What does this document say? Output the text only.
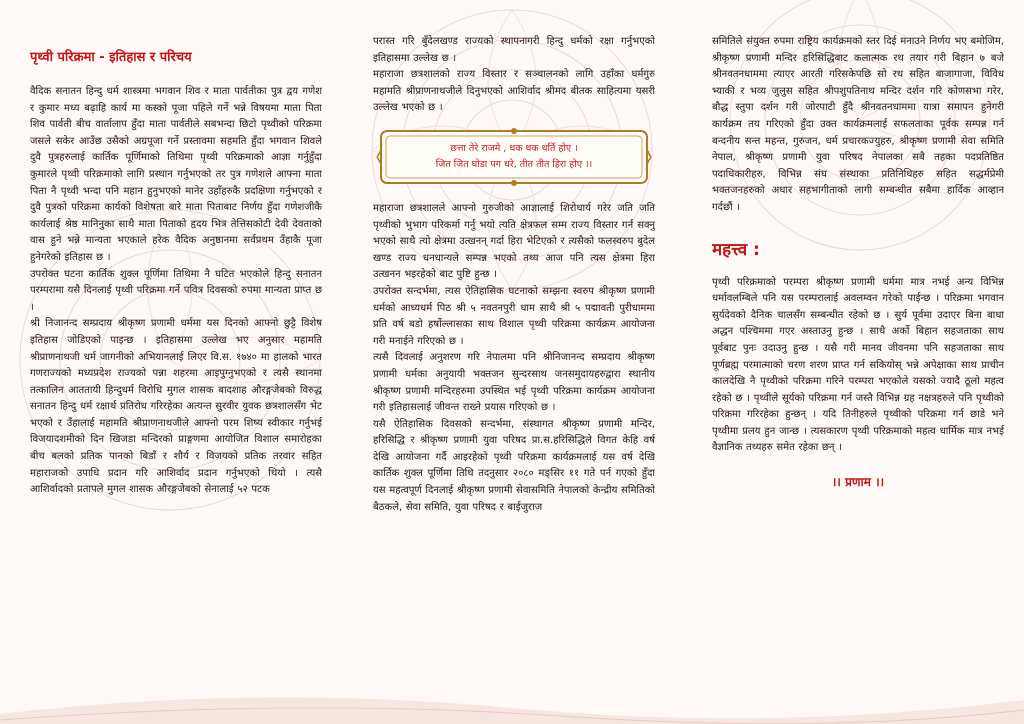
पृथ्वी परिक्रमा - इतिहास र परिचय

वैदिक सनातन हिन्दु धर्म शास्त्रमा भगवान शिव र माता पार्वतीका पुत्र द्वय गणेश र कुमार मध्य बढ़ाहि कार्य मा कस्को पूजा पहिले गर्ने भन्ने विषयमा माता पिता शिव पार्वती बीच वार्तालाप हुँदा माता पार्वतीले सबभन्दा छिटो पृथ्वीको परिक्रमा जसले सकेर आउँछ उसैको अग्रपूजा गर्ने प्रस्तावमा सहमति हुँदा भगवान शिवले दुवै पुत्रहरुलाई कार्तिक पूर्णिमाको तिथिमा पृथ्वी परिक्रमाको आज्ञा गर्नुहुँदा कुमारले पृथ्वी परिक्रमाको लागि प्रस्थान गर्नुभएको तर पुत्र गणेशले आफ्ना माता पिता नै पृथ्वी भन्दा पनि महान हुनुभएको मानेर उहाँहरुकै प्रदक्षिणा गर्नुभएको र दुवै पुत्रको परिक्रमा कार्यको विशेषता बारे माता पिताबाट निर्णय हुँदा गणेशजीकै कार्यलाई श्रेष्ठ मानिनुका साथै माता पिताको हृदय भित्र तेत्तिसकोटी देवी देवताको वास हुने भन्ने मान्यता भएकाले हरेक वैदिक अनुष्ठानमा सर्वप्रथम उँहाकै पूजा हुनेगरेको इतिहास छ ।

उपरोक्त घटना कार्तिक शुक्ल पूर्णिमा तिथिमा नै घटित भएकोले हिन्दु सनातन परम्परामा यसै दिनलाई पृथ्वी परिक्रमा गर्ने पवित्र दिवसको रुपमा मान्यता प्राप्त छ ।

श्री निजानन्द सम्प्रदाय श्रीकृष्ण प्रणामी धर्ममा यस दिनको आफ्नो छुट्टै विशेष इतिहास जोडिएको पाइन्छ । इतिहासमा उल्लेख भए अनुसार महामति श्रीप्राणनाथजी धर्म जागनीको अभियानलाई लिएर वि.स. १७४० मा हालको भारत गणराज्यको मध्यप्रदेश राज्यको पन्ना शहरमा आइपुग्नुभएको र त्यसै स्थानमा तत्कालिन आततायी हिन्दुधर्म विरोधि मुगल शासक बादशाह औरङ्गजेबको विरुद्ध सनातन हिन्दु धर्म रक्षार्थ प्रतिरोध गरिरहेका अत्यन्त सुरवीर युवक छत्रशालसँग भेट भएको र उँहालाई महामति श्रीप्राणनाथजीले आफ्नो परम शिष्य स्वीकार गर्नुभई विजयादशमीको दिन खिजडा मन्दिरको प्राङ्गणमा आयोजित विशाल समारोहका बीच बलको प्रतिक पानको बिडाँ र शौर्य र विजयको प्रतिक तरवार सहित महाराजको उपाधि प्रदान गरि आशिर्वाद प्रदान गर्नुभएको थियो । त्यसै आशिर्वादको प्रतापले मुगल शासक औरङ्गजेबको सेनालाई ५२ पटक

परास्त गरि बुँदेलखण्ड राज्यको स्थापनागरी हिन्दु धर्मको रक्षा गर्नुभएको इतिहासमा उल्लेख छ ।

महाराजा छत्रशालको राज्य विस्तार र सञ्चालनको लागि उहाँका धर्मगुरु महामति श्रीप्राणनाथजीले दिनुभएको आशिर्वाद श्रीमद बीतक साहित्यमा यसरी उल्लेख भएको छ ।

छत्ता तेरे राजमे , धक धक धर्ति होए ।
जित जित घोडा पग धरे, तीत तीत हिरा होए ।।

महाराजा छत्रशालले आफ्नो गुरुजीको आज्ञालाई शिरोधार्य गरेर जति जति पृथ्वीको भुभाग परिकर्मा गर्नु भयो त्यति क्षेत्रफल सम्म राज्य विस्तार गर्न सक्नु भएको साथै त्यो क्षेत्रमा उत्खनन् गर्दा हिरा भेटिएको र त्यसैको फलस्वरुप बुदेल खण्ड राज्य धनधान्यले सम्पन्न भएको तथ्य आज पनि त्यस क्षेत्रमा हिरा उत्खनन भइरहेको बाट पुष्टि हुन्छ ।

उपरोक्त सन्दर्भमा, त्यस ऐतिहासिक घटनाको सम्झना स्वरुप श्रीकृष्ण प्रणामी धर्मको आध्यधर्म पिठ श्री ५ नवतनपुरी धाम साथै श्री ५ पद्मावती पुरीधाममा प्रति वर्ष बडो हर्षोल्लासका साथ विशाल पृथ्वी परिक्रमा कार्यक्रम आयोजना गरी मनाईने गरिएको छ ।

त्यसै दिवलाई अनुशरण गरि नेपालमा पनि श्रीनिजानन्द सम्प्रदाय श्रीकृष्ण प्रणामी धर्मका अनुयायी भक्तजन सुन्दरसाथ जनसमुदायहरुद्वारा स्थानीय श्रीकृष्ण प्रणामी मन्दिरहरुमा उपस्थित भई पृथ्वी परिक्रमा कार्यक्रम आयोजना गरी इतिहासलाई जीवन्त राख्ने प्रयास गरिएको छ ।

यसै ऐतिहासिक दिवसको सन्दर्भमा, संस्थागत श्रीकृष्ण प्रणामी मन्दिर, हरिसिद्धि र श्रीकृष्ण प्रणामी युवा परिषद प्रा.स.हरिसिद्धिले विगत केहि वर्ष देखि आयोजना गर्दै आइरहेको पृथ्वी परिक्रमा कार्यक्रमलाई यस वर्ष देखि कार्तिक शुक्ल पूर्णिमा तिथि तदनुसार २०८० मङ्सिर ११ गते पर्न गएको हुँदा यस महत्वपूर्ण दिनलाई श्रीकृष्ण प्रणामी सेवासमिति नेपालको केन्द्रीय समितिको बैठकले, सेवा समिति, युवा परिषद र बाईजुराज

समितिले संयुक्त रुपमा राष्ट्रिय कार्यक्रमको स्तर दिई मनाउने निर्णय भए बमोजिम, श्रीकृष्ण प्रणामी मन्दिर हरिसिद्धिबाट कलात्मक रथ तयार गरी बिहान ७ बजे श्रीनवतनधाममा त्याएर आरती गरिसकेपछि सो रथ सहित बाजागाजा, विविध भ्याकी र भव्य जुलुस सहित श्रीपशुपतिनाथ मन्दिर दर्शन गरि कोणसभा गरेर, बौद्ध स्तुपा दर्शन गरी जोरपाटी हुँदै श्रीनवतनधाममा यात्रा समापन हुनेगरी कार्यक्रम तय गरिएको हुँदा उक्त कार्यक्रमलाई सफलताका पूर्वक सम्पन्न गर्न बन्दनीय सन्त महन्त, गुरुजन, धर्म प्रचारकज्युहरु, श्रीकृष्ण प्रणामी सेवा समिति नेपाल, श्रीकृष्ण प्रणामी युवा परिषद नेपालका सबै तहका पदप्रतिष्ठित पदाधिकारीहरु, विभिन्न संघ संस्थाका प्रतिनिधिहरु सहित सद्धर्मप्रेमी भक्तजनहरुको अधार सहभागीताको लागी सम्बन्धीत सबैमा हार्दिक आव्हान गर्दछौं ।

महत्त्व :

पृथ्वी परिक्रमाको परम्परा श्रीकृष्ण प्रणामी धर्ममा मात्र नभई अन्य विभिन्न धर्मावलम्बिले पनि यस परम्परालाई अवलम्वन गरेको पाईन्छ । परिक्रमा भगवान सुर्यदेवको दैनिक चालसँग सम्बन्धीत रहेको छ । सुर्य पूर्वमा उदाएर बिना बाधा अद्धन पश्चिममा गएर अस्ताउनु हुन्छ । साथै अर्को बिहान सहजताका साथ पूर्वबाट पुनः उदाउनु हुन्छ । यसै गरी मानव जीवनमा पनि सहजताका साथ पूर्णब्रह्म परमात्माको चरण शरण प्राप्त गर्न सकियोस् भन्ने अपेक्षाका साथ प्राचीन कालदेखि नै पृथ्वीको परिक्रमा गरिने परम्परा भएकोले यसको ज्यादै ठूलो महत्व रहेको छ । पृथ्वीले सूर्यको परिक्रमा गर्न जस्तै विभिन्न ग्रह नक्षत्रहरुले पनि पृथ्वीको परिक्रमा गरिरहेका हुन्छन् । यदि तिनीहरुले पृथ्वीको परिक्रमा गर्न छाडे भने पृथ्वीमा प्रलय हुन जान्छ । त्यसकारण पृथ्वी परिक्रमाको महत्व धार्मिक मात्र नभई वैज्ञानिक तथ्यहरु समेत रहेका छन् ।

।। प्रणाम ।।
